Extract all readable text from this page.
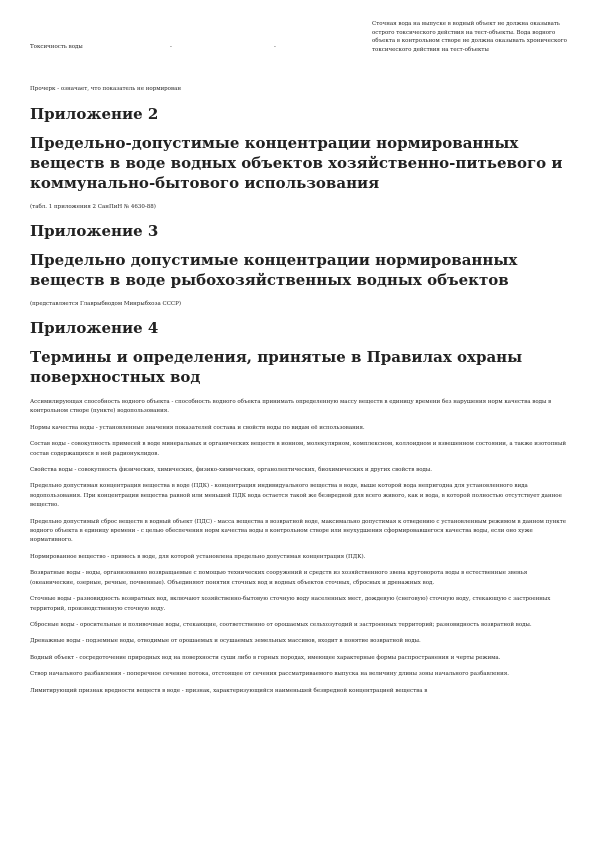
Токсичность воды	-	-
Сточная вода на выпуске в водный объект не должна оказывать острого токсического действия на тест-объекты. Вода водного объекта в контрольном створе не должна оказывать хронического токсического действия на тест-объекты
Прочерк - означает, что показатель не нормирован
Приложение 2
Предельно-допустимые концентрации нормированных веществ в воде водных объектов хозяйственно-питьевого и коммунально-бытового использования

(табл. 1 приложения 2 СанПиН № 4630-88)

Приложение 3
Предельно допустимые концентрации нормированных веществ в воде рыбохозяйственных водных объектов

(представляется Главрыбводом Минрыбхоза СССР)

Приложение 4
Термины и определения, принятые в Правилах охраны поверхностных вод

Ассимилирующая способность водного объекта - способность водного объекта принимать определенную массу веществ в единицу времени без нарушения норм качества воды в контрольном створе (пункте) водопользования.

Нормы качества воды - установленные значения показателей состава и свойств воды по видам её использования.

Состав воды - совокупность примесей в воде минеральных и органических веществ в ионном, молекулярном, комплексном, коллоидном и взвешенном состоянии, а также изотопный состав содержащихся в ней радионуклидов.

Свойства воды - совокупность физических, химических, физико-химических, органолептических, биохимических и других свойств воды.

Предельно допустимая концентрация вещества в воде (ПДК) - концентрация индивидуального вещества в воде, выше которой вода непригодна для установленного вида водопользования. При концентрации вещества равной или меньшей ПДК вода остается такой же безвредной для всего живого, как и вода, в которой полностью отсутствует данное вещество.

Предельно допустимый сброс веществ в водный объект (ПДС) - масса вещества в возвратной воде, максимально допустимая к отведению с установленным режимом в данном пункте водного объекта в единицу времени - с целью обеспечения норм качества воды в контрольном створе или неухудшения сформировавшегося качества воды, если оно хуже нормативного.

Нормированное вещество - примесь в воде, для которой установлена предельно допустимая концентрация (ПДК).

Возвратные воды - воды, организованно возвращаемые с помощью технических сооружений и средств из хозяйственного звена круговорота воды в естественные звенья (океанические, озерные, речные, почвенные). Объединяют понятия сточных вод и водных объектов сточных, сбросных и дренажных вод.

Сточные воды - разновидность возвратных вод, включают хозяйственно-бытовую сточную воду населенных мест, дождевую (снеговую) сточную воду, стекающую с застроенных территорий, производственную сточную воду.

Сбросные воды - оросительные и поливочные воды, стекающие, соответственно от орошаемых сельхозугодий и застроенных территорий; разновидность возвратной воды.

Дренажные воды - подземные воды, отводимые от орошаемых и осушаемых земельных массивов, входит в понятие возвратной воды.

Водный объект - сосредоточение природных вод на поверхности суши либо в горных породах, имеющее характерные формы распространения и черты режима.

Створ начального разбавления - поперечное сечение потока, отстоящее от сечения рассматриваемого выпуска на величину длины зоны начального разбавления.

Лимитирующий признак вредности веществ в воде - признак, характеризующийся наименьшей безвредной концентрацией вещества в
